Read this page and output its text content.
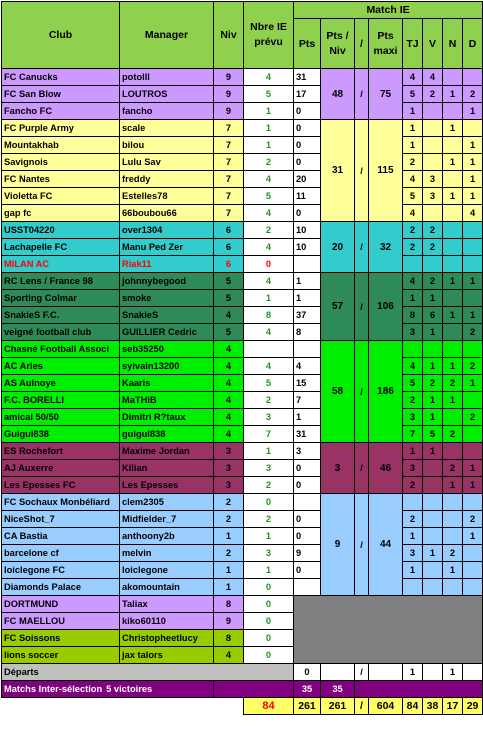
Club	Manager	Niv	Nbre IE prévu	Match IE							
				Pts	Pts / Niv	/	Pts maxi	TJ	V	N	D
FC Canucks	potolll	9	4	31	48	/	75	4	4		
FC San Blow	LOUTROS	9	5	17				5	2	1	2
Fancho FC	fancho	9	1	0				1			1
FC Purple Army	scale	7	1	0	31	/	115	1		1	
Mountakhab	bilou	7	1	0				1			1
Savignois	Lulu Sav	7	2	0				2		1	1
FC Nantes	freddy	7	4	20				4	3		1
Violetta FC	Estelles78	7	5	11				5	3	1	1
gap fc	66boubou66	7	4	0				4			4
USST04220	over1304	6	2	10	20	/	32	2	2		
Lachapelle FC	Manu Ped Zer	6	4	10				2	2		
MILAN AC	Riak11	6	0								
RC Lens / France 98	johnnybegood	5	4	1	57	/	106	4	2	1	1
Sporting Colmar	smoke	5	1	1				1	1		
SnakieS F.C.	SnakieS	4	8	37				8	6	1	1
veigné football club	GUILLIER Cedric	5	4	8				3	1		2
Chasné Football Associ	seb35250	4			58	/	186				
AC Arles	sylvain13200	4	4	4				4	1	1	2
AS Aulnoye	Kaaris	4	5	15				5	2	2	1
F.C. BORELLI	MaTHiB	4	2	7				2	1	1	
amical 50/50	Dimitri R?taux	4	3	1				3	1		2
Guigui838	guigui838	4	7	31				7	5	2	
ES Rochefort	Maxime Jordan	3	1	3	3	/	46	1	1		
AJ Auxerre	Kilian	3	3	0				3		2	1
Les Epesses FC	Les Epesses	3	2	0				2		1	1
FC Sochaux Monbéliard	clem2305	2	0		9	/	44				
NiceShot_7	Midfielder_7	2	2	0				2			2
CA Bastia	anthoony2b	1	1	0				1			1
barcelone cf	melvin	2	3	9				3	1	2	
loiclegone FC	loiclegone	1	1	0				1		1	
Diamonds Palace	akomountain	1	0								
DORTMUND	Taliax	8	0								
FC MAELLOU	kiko60110	9	0								
FC Soissons	Christopheetlucy	8	0								
lions soccer	jax talors	4	0								
Départs				0		/		1		1	
Matchs Inter-sélection 5 victoires				35	35						
			84	261	261	/	604	84	38	17	29
